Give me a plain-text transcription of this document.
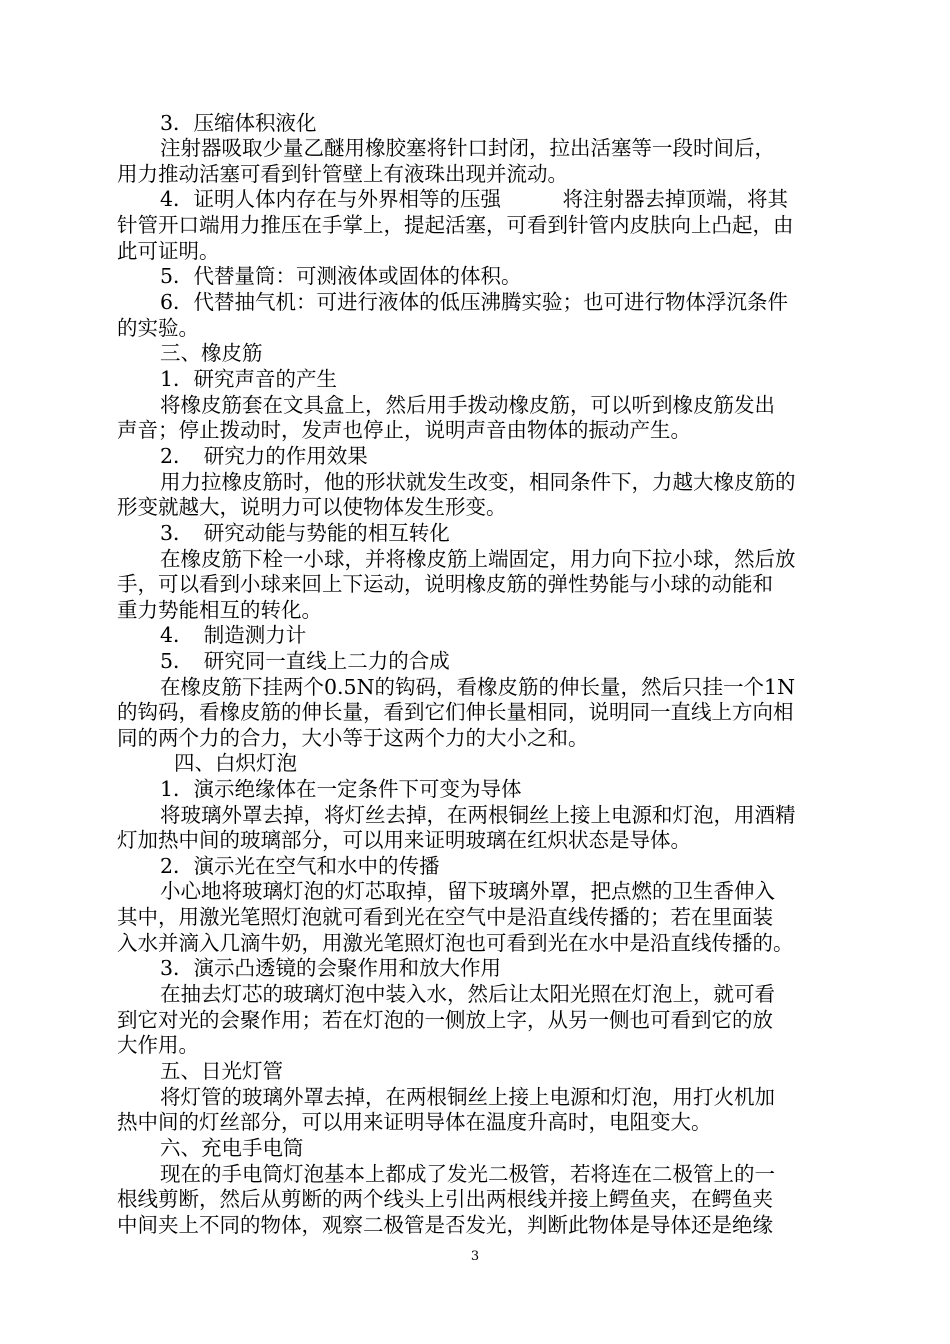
3．压缩体积液化
注射器吸取少量乙醚用橡胶塞将针口封闭，拉出活塞等一段时间后，
用力推动活塞可看到针管壁上有液珠出现并流动。
4．证明人体内存在与外界相等的压强　　　将注射器去掉顶端，将其
针管开口端用力推压在手掌上，提起活塞，可看到针管内皮肤向上凸起，由
此可证明。
5．代替量筒：可测液体或固体的体积。
6．代替抽气机：可进行液体的低压沸腾实验；也可进行物体浮沉条件
的实验。
三、橡皮筋
1．研究声音的产生
将橡皮筋套在文具盒上，然后用手拨动橡皮筋，可以听到橡皮筋发出
声音；停止拨动时，发声也停止，说明声音由物体的振动产生。
2．　研究力的作用效果
用力拉橡皮筋时，他的形状就发生改变，相同条件下，力越大橡皮筋的
形变就越大，说明力可以使物体发生形变。
3．　研究动能与势能的相互转化
在橡皮筋下栓一小球，并将橡皮筋上端固定，用力向下拉小球，然后放
手，可以看到小球来回上下运动，说明橡皮筋的弹性势能与小球的动能和
重力势能相互的转化。
4．　制造测力计
5．　研究同一直线上二力的合成
在橡皮筋下挂两个0.5N的钩码，看橡皮筋的伸长量，然后只挂一个1N
的钩码，看橡皮筋的伸长量，看到它们伸长量相同，说明同一直线上方向相
同的两个力的合力，大小等于这两个力的大小之和。
四、白炽灯泡
1．演示绝缘体在一定条件下可变为导体
将玻璃外罩去掉，将灯丝去掉，在两根铜丝上接上电源和灯泡，用酒精
灯加热中间的玻璃部分，可以用来证明玻璃在红炽状态是导体。
2．演示光在空气和水中的传播
小心地将玻璃灯泡的灯芯取掉，留下玻璃外罩，把点燃的卫生香伸入
其中，用激光笔照灯泡就可看到光在空气中是沿直线传播的；若在里面装
入水并滴入几滴牛奶，用激光笔照灯泡也可看到光在水中是沿直线传播的。
3．演示凸透镜的会聚作用和放大作用
在抽去灯芯的玻璃灯泡中装入水，然后让太阳光照在灯泡上，就可看
到它对光的会聚作用；若在灯泡的一侧放上字，从另一侧也可看到它的放
大作用。
五、日光灯管
将灯管的玻璃外罩去掉，在两根铜丝上接上电源和灯泡，用打火机加
热中间的灯丝部分，可以用来证明导体在温度升高时，电阻变大。
六、充电手电筒
现在的手电筒灯泡基本上都成了发光二极管，若将连在二极管上的一
根线剪断，然后从剪断的两个线头上引出两根线并接上鳄鱼夹，在鳄鱼夹
中间夹上不同的物体，观察二极管是否发光，判断此物体是导体还是绝缘
3
